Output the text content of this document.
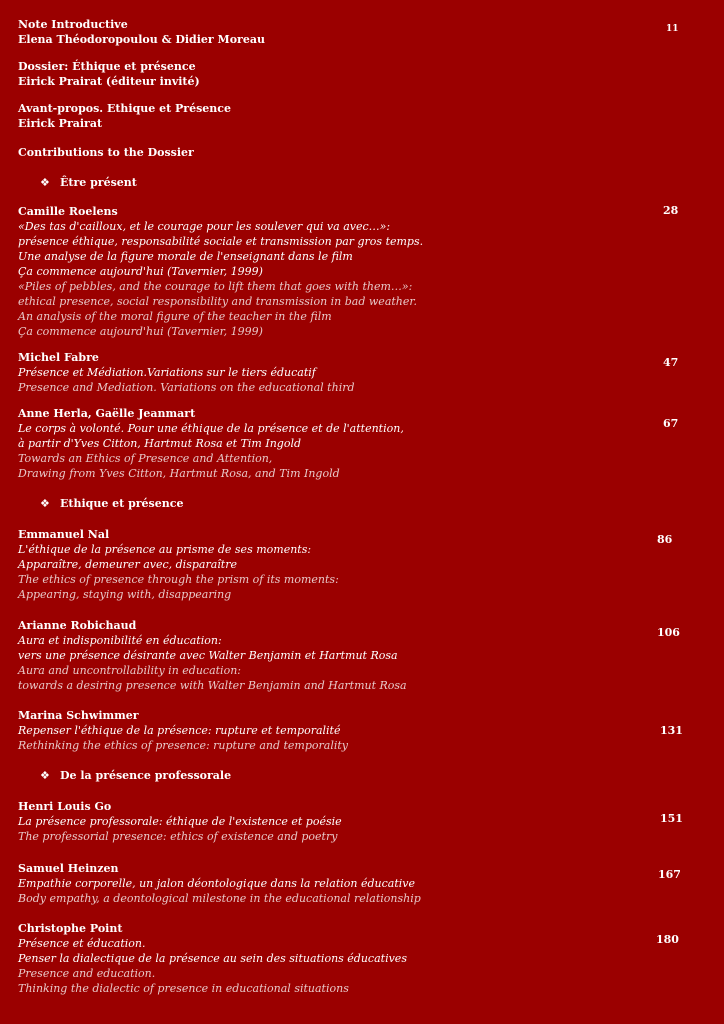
Note Introductive
Elena Théodoropoulou & Didier Moreau
11
Dossier: Éthique et présence
Eirick Prairat (éditeur invité)
Avant-propos. Ethique et Présence
Eirick Prairat
Contributions to the Dossier
❖ Être présent
Camille Roelens
«Des tas d'cailloux, et le courage pour les soulever qui va avec…»:
présence éthique, responsabilité sociale et transmission par gros temps.
Une analyse de la figure morale de l'enseignant dans le film
Ça commence aujourd'hui (Tavernier, 1999)
«Piles of pebbles, and the courage to lift them that goes with them…»:
ethical presence, social responsibility and transmission in bad weather.
An analysis of the moral figure of the teacher in the film
Ça commence aujourd'hui (Tavernier, 1999)
28
Michel Fabre
Présence et Médiation.Variations sur le tiers éducatif
Presence and Mediation. Variations on the educational third
47
Anne Herla, Gaëlle Jeanmart
Le corps à volonté. Pour une éthique de la présence et de l'attention,
à partir d'Yves Citton, Hartmut Rosa et Tim Ingold
Towards an Ethics of Presence and Attention,
Drawing from Yves Citton, Hartmut Rosa, and Tim Ingold
67
❖ Ethique et présence
Emmanuel Nal
L'éthique de la présence au prisme de ses moments:
Apparaître, demeurer avec, disparaître
The ethics of presence through the prism of its moments:
Appearing, staying with, disappearing
86
Arianne Robichaud
Aura et indisponibilité en éducation:
vers une présence désirante avec Walter Benjamin et Hartmut Rosa
Aura and uncontrollability in education:
towards a desiring presence with Walter Benjamin and Hartmut Rosa
106
Marina Schwimmer
Repenser l'éthique de la présence: rupture et temporalité
Rethinking the ethics of presence: rupture and temporality
131
❖ De la présence professorale
Henri Louis Go
La présence professorale: éthique de l'existence et poésie
The professorial presence: ethics of existence and poetry
151
Samuel Heinzen
Empathie corporelle, un jalon déontologique dans la relation éducative
Body empathy, a deontological milestone in the educational relationship
167
Christophe Point
Présence et éducation.
Penser la dialectique de la présence au sein des situations éducatives
Presence and education.
Thinking the dialectic of presence in educational situations
180
